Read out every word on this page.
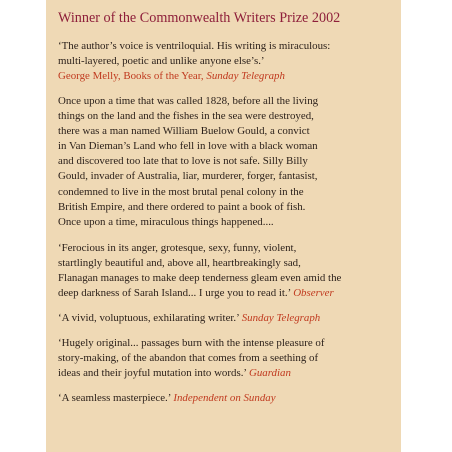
Winner of the Commonwealth Writers Prize 2002
‘The author’s voice is ventriloquial. His writing is miraculous:
multi-layered, poetic and unlike anyone else’s.’
George Melly, Books of the Year, Sunday Telegraph
Once upon a time that was called 1828, before all the living
things on the land and the fishes in the sea were destroyed,
there was a man named William Buelow Gould, a convict
in Van Dieman’s Land who fell in love with a black woman
and discovered too late that to love is not safe. Silly Billy
Gould, invader of Australia, liar, murderer, forger, fantasist,
condemned to live in the most brutal penal colony in the
British Empire, and there ordered to paint a book of fish.
Once upon a time, miraculous things happened....
‘Ferocious in its anger, grotesque, sexy, funny, violent,
startlingly beautiful and, above all, heartbreakingly sad,
Flanagan manages to make deep tenderness gleam even amid the
deep darkness of Sarah Island... I urge you to read it.’ Observer
‘A vivid, voluptuous, exhilarating writer.’ Sunday Telegraph
‘Hugely original... passages burn with the intense pleasure of
story-making, of the abandon that comes from a seething of
ideas and their joyful mutation into words.’ Guardian
‘A seamless masterpiece.’ Independent on Sunday
